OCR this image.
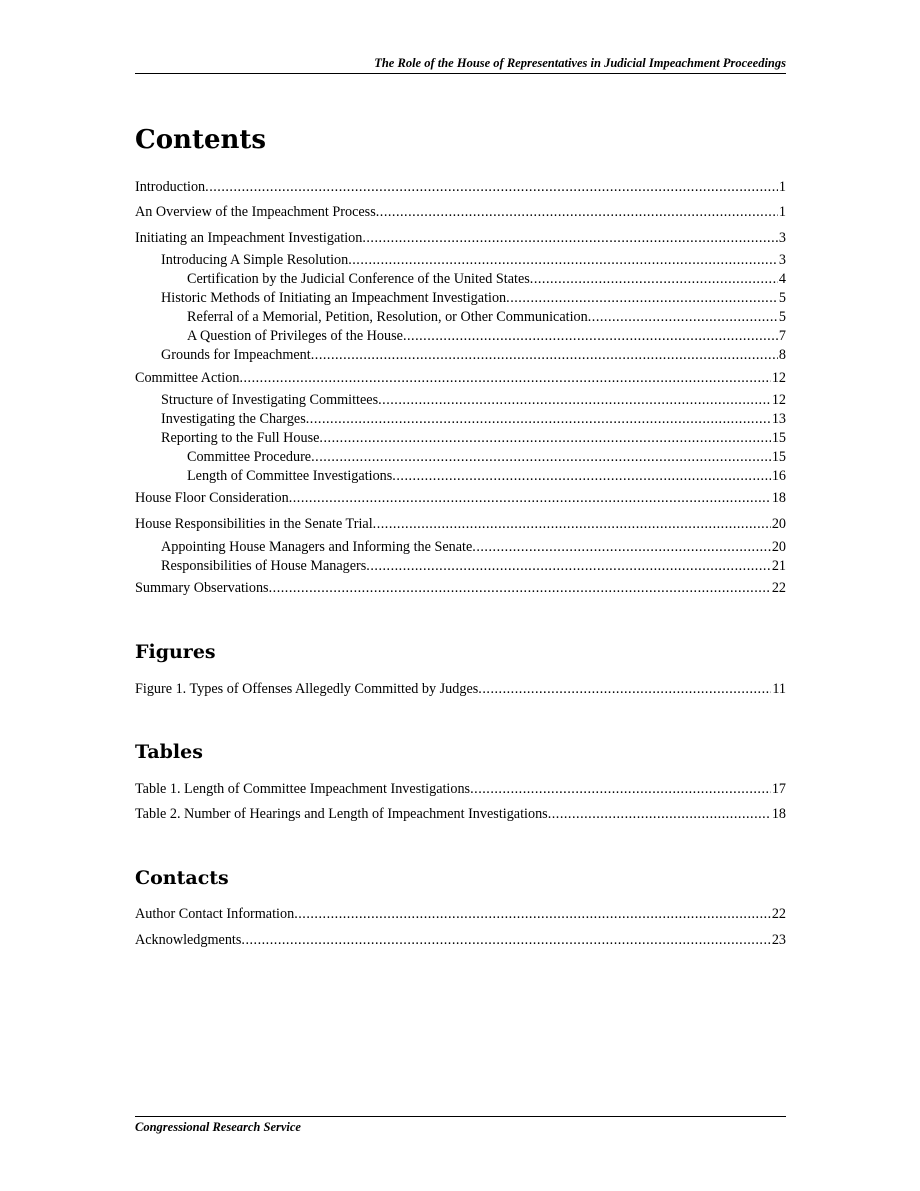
The Role of the House of Representatives in Judicial Impeachment Proceedings
Contents
Introduction .....	1
An Overview of the Impeachment Process .....	1
Initiating an Impeachment Investigation .....	3
Introducing A Simple Resolution .....	3
Certification by the Judicial Conference of the United States .....	4
Historic Methods of Initiating an Impeachment Investigation .....	5
Referral of a Memorial, Petition, Resolution, or Other Communication .....	5
A Question of Privileges of the House .....	7
Grounds for Impeachment .....	8
Committee Action .....	12
Structure of Investigating Committees .....	12
Investigating the Charges .....	13
Reporting to the Full House .....	15
Committee Procedure .....	15
Length of Committee Investigations .....	16
House Floor Consideration .....	18
House Responsibilities in the Senate Trial .....	20
Appointing House Managers and Informing the Senate .....	20
Responsibilities of House Managers .....	21
Summary Observations .....	22
Figures
Figure 1. Types of Offenses Allegedly Committed by Judges .....	11
Tables
Table 1. Length of Committee Impeachment Investigations .....	17
Table 2. Number of Hearings and Length of Impeachment Investigations .....	18
Contacts
Author Contact Information .....	22
Acknowledgments .....	23
Congressional Research Service
